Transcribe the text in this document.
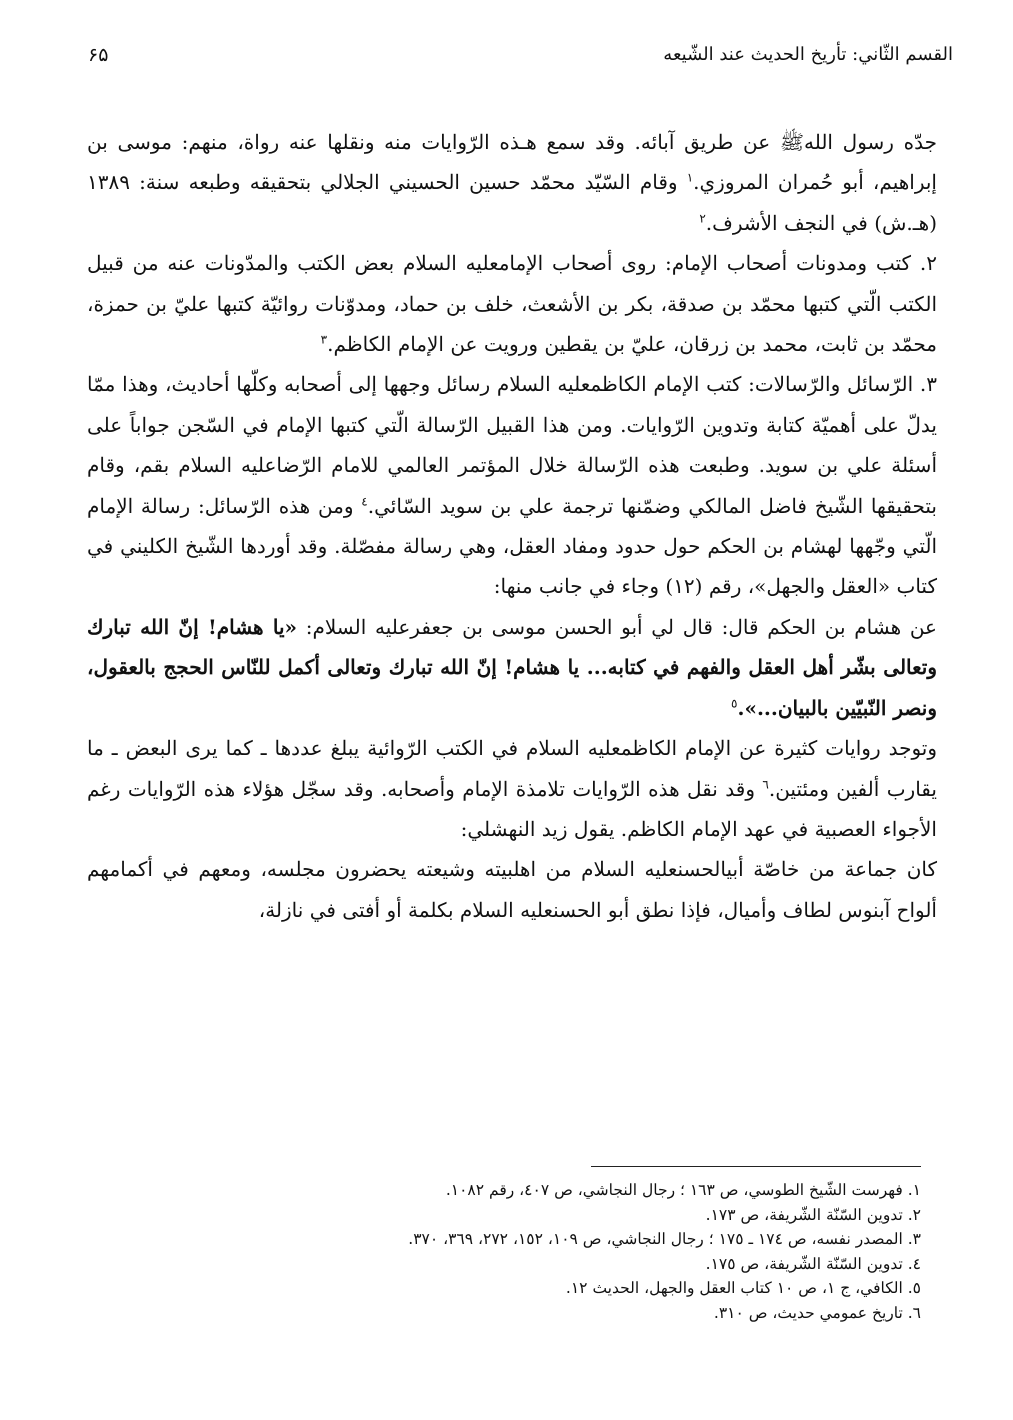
القسم الثّاني: تأريخ الحديث عند الشّيعه
۶۵

جدّه رسول اللهﷺ عن طريق آبائه. وقد سمع هـذه الرّوايات منه ونقلها عنه رواة، منهم: موسى بن إبراهيم، أبو حُمران المروزي.$^١$ وقام السّيّد محمّد حسين الحسيني الجلالي بتحقيقه وطبعه سنة: ١٣٨٩ (هـ.ش) في النجف الأشرف.$^٢$

٢. كتب ومدونات أصحاب الإمام: روى أصحاب الإمامعليه السلام بعض الكتب والمدّونات عنه من قبيل الكتب الّتي كتبها محمّد بن صدقة، بكر بن الأشعث، خلف بن حماد، ومدوّنات روائيّة كتبها عليّ بن حمزة، محمّد بن ثابت، محمد بن زرقان، عليّ بن يقطين ورويت عن الإمام الكاظم.$^٣$

٣. الرّسائل والرّسالات: كتب الإمام الكاظمعليه السلام رسائل وجهها إلى أصحابه وكلّها أحاديث، وهذا ممّا يدلّ على أهميّة كتابة وتدوين الرّوايات. ومن هذا القبيل الرّسالة الّتي كتبها الإمام في السّجن جواباً على أسئلة علي بن سويد. وطبعت هذه الرّسالة خلال المؤتمر العالمي للامام الرّضاعليه السلام بقم، وقام بتحقيقها الشّيخ فاضل المالكي وضمّنها ترجمة علي بن سويد السّائي.$^٤$ ومن هذه الرّسائل: رسالة الإمام الّتي وجّهها لهشام بن الحكم حول حدود ومفاد العقل، وهي رسالة مفصّلة. وقد أوردها الشّيخ الكليني في كتاب «العقل والجهل»، رقم (١٢) وجاء في جانب منها:

عن هشام بن الحكم قال: قال لي أبو الحسن موسى بن جعفرعليه السلام: «يا هشام! إنّ الله تبارك وتعالى بشّر أهل العقل والفهم في كتابه... يا هشام! إنّ الله تبارك وتعالى أكمل للنّاس الحجج بالعقول، ونصر النّبيّين بالبيان...».$^٥$

وتوجد روايات كثيرة عن الإمام الكاظمعليه السلام في الكتب الرّوائية يبلغ عددها ـ كما يرى البعض ـ ما يقارب ألفين ومئتين.$^٦$ وقد نقل هذه الرّوايات تلامذة الإمام وأصحابه. وقد سجّل هؤلاء هذه الرّوايات رغم الأجواء العصبية في عهد الإمام الكاظم. يقول زيد النهشلي:

كان جماعة من خاصّة أبيالحسنعليه السلام من اهلبيته وشيعته يحضرون مجلسه، ومعهم في أكمامهم ألواح آبنوس لطاف وأميال، فإذا نطق أبو الحسنعليه السلام بكلمة أو أفتى في نازلة،

١. فهرست الشّيخ الطوسي، ص ١٦٣ ؛ رجال النجاشي، ص ٤٠٧، رقم ١٠٨٢.
٢. تدوين السّنّة الشّريفة، ص ١٧٣.
٣. المصدر نفسه، ص ١٧٤ ـ ١٧٥ ؛ رجال النجاشي، ص ١٠٩، ١٥٢، ٢٧٢، ٣٦٩، ٣٧٠.
٤. تدوين السّنّة الشّريفة، ص ١٧٥.
٥. الكافي، ج ١، ص ١٠ كتاب العقل والجهل، الحديث ١٢.
٦. تاريخ عمومي حديث، ص ٣١٠.
